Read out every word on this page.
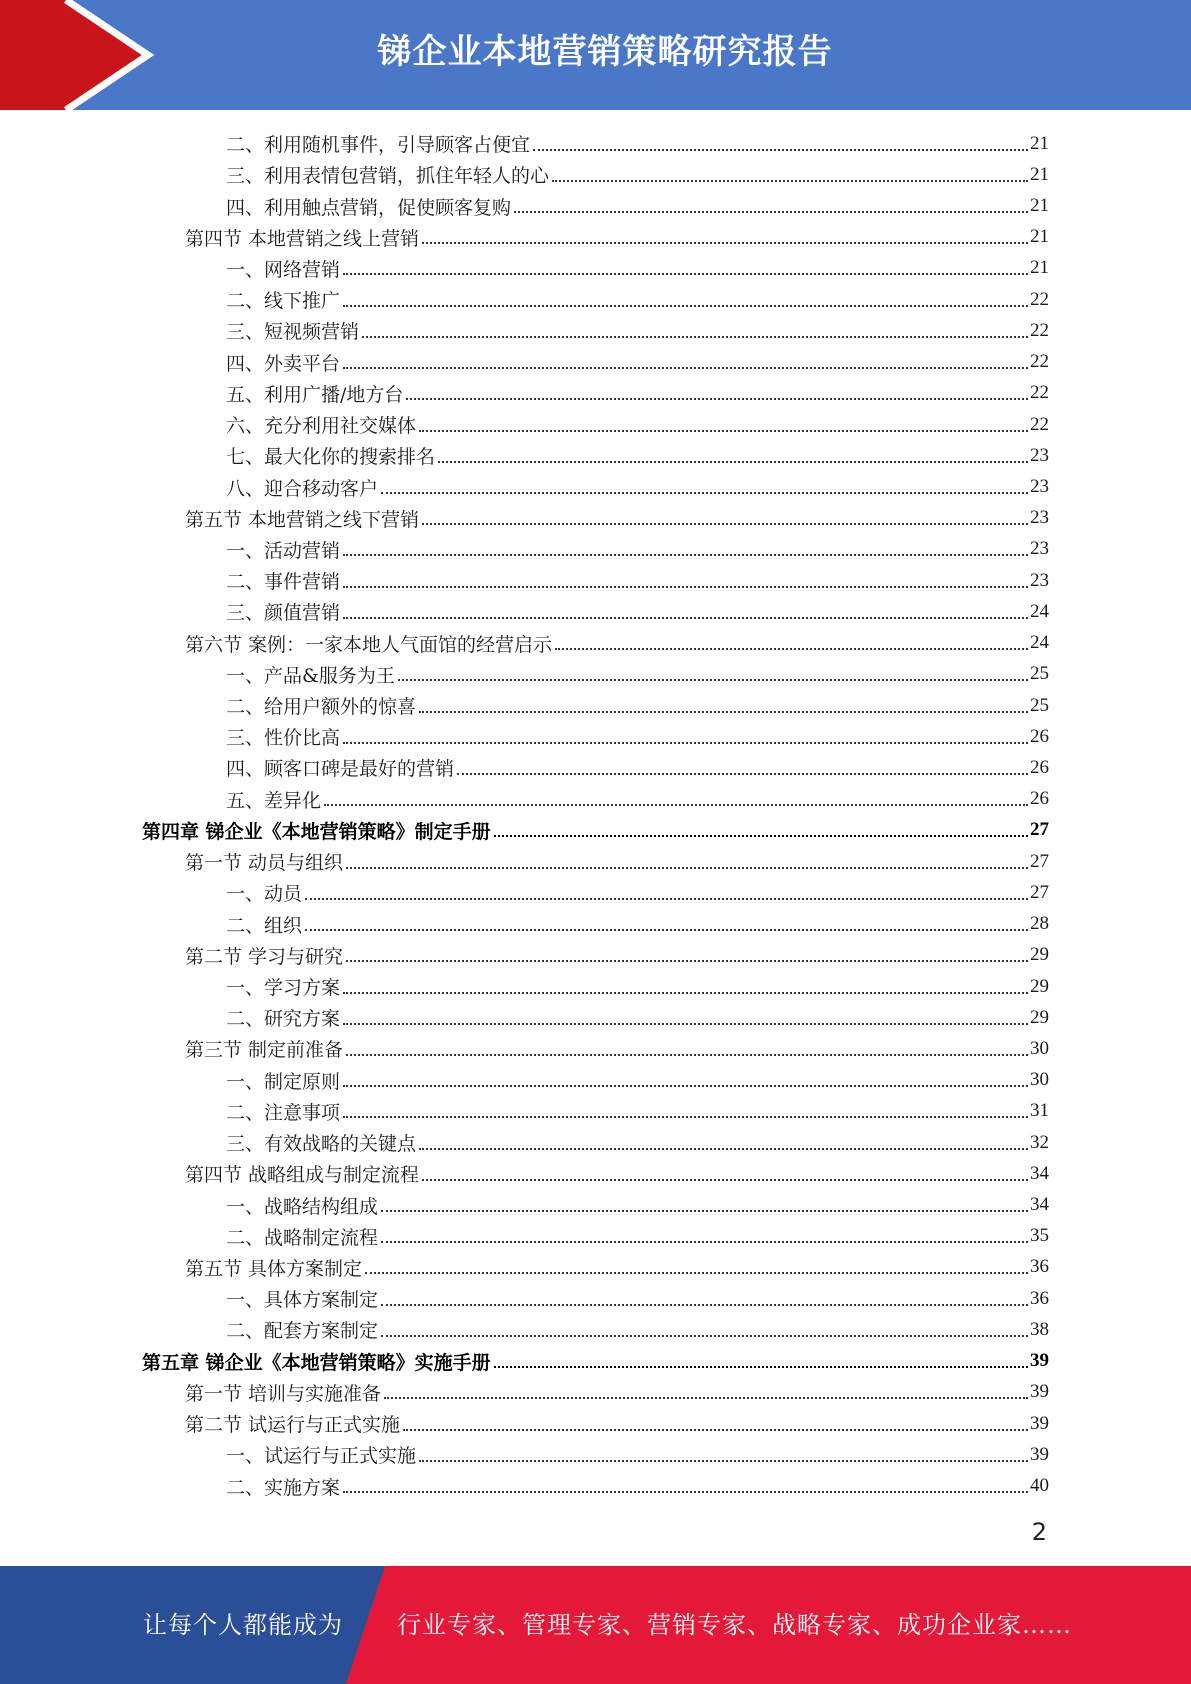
锑企业本地营销策略研究报告
二、利用随机事件，引导顾客占便宜	21
三、利用表情包营销，抓住年轻人的心	21
四、利用触点营销，促使顾客复购	21
第四节 本地营销之线上营销	21
一、网络营销	21
二、线下推广	22
三、短视频营销	22
四、外卖平台	22
五、利用广播/地方台	22
六、充分利用社交媒体	22
七、最大化你的搜索排名	23
八、迎合移动客户	23
第五节 本地营销之线下营销	23
一、活动营销	23
二、事件营销	23
三、颜值营销	24
第六节 案例：一家本地人气面馆的经营启示	24
一、产品&服务为王	25
二、给用户额外的惊喜	25
三、性价比高	26
四、顾客口碑是最好的营销	26
五、差异化	26
第四章 锑企业《本地营销策略》制定手册	27
第一节 动员与组织	27
一、动员	27
二、组织	28
第二节 学习与研究	29
一、学习方案	29
二、研究方案	29
第三节 制定前准备	30
一、制定原则	30
二、注意事项	31
三、有效战略的关键点	32
第四节 战略组成与制定流程	34
一、战略结构组成	34
二、战略制定流程	35
第五节 具体方案制定	36
一、具体方案制定	36
二、配套方案制定	38
第五章 锑企业《本地营销策略》实施手册	39
第一节 培训与实施准备	39
第二节 试运行与正式实施	39
一、试运行与正式实施	39
二、实施方案	40
2
让每个人都能成为 行业专家、管理专家、营销专家、战略专家、成功企业家……
